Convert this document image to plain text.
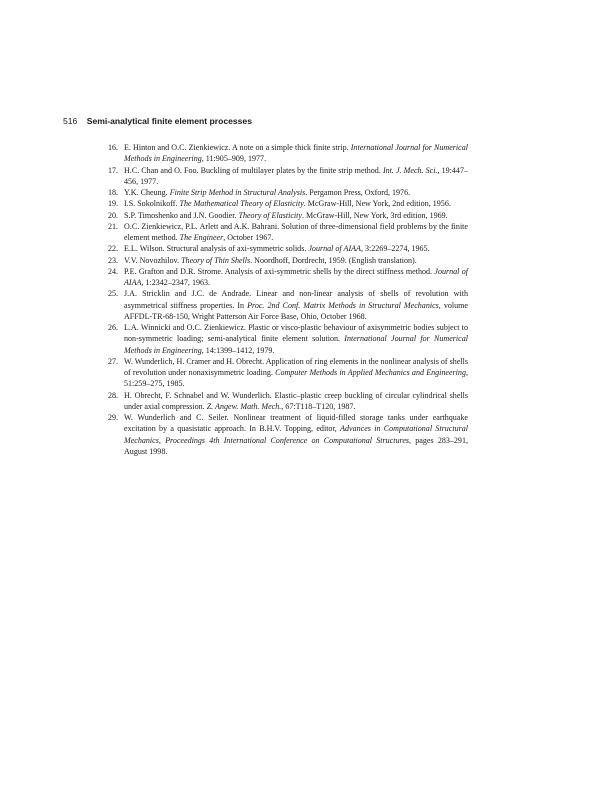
516 Semi-analytical finite element processes
16. E. Hinton and O.C. Zienkiewicz. A note on a simple thick finite strip. International Journal for Numerical Methods in Engineering, 11:905–909, 1977.
17. H.C. Chan and O. Foo. Buckling of multilayer plates by the finite strip method. Int. J. Mech. Sci., 19:447–456, 1977.
18. Y.K. Cheung. Finite Strip Method in Structural Analysis. Pergamon Press, Oxford, 1976.
19. I.S. Sokolnikoff. The Mathematical Theory of Elasticity. McGraw-Hill, New York, 2nd edition, 1956.
20. S.P. Timoshenko and J.N. Goodier. Theory of Elasticity. McGraw-Hill, New York, 3rd edition, 1969.
21. O.C. Zienkiewicz, P.L. Arlett and A.K. Bahrani. Solution of three-dimensional field problems by the finite element method. The Engineer, October 1967.
22. E.L. Wilson. Structural analysis of axi-symmetric solids. Journal of AIAA, 3:2269–2274, 1965.
23. V.V. Novozhilov. Theory of Thin Shells. Noordhoff, Dordrecht, 1959. (English translation).
24. P.E. Grafton and D.R. Strome. Analysis of axi-symmetric shells by the direct stiffness method. Journal of AIAA, 1:2342–2347, 1963.
25. J.A. Stricklin and J.C. de Andrade. Linear and non-linear analysis of shells of revolution with asymmetrical stiffness properties. In Proc. 2nd Conf. Matrix Methods in Structural Mechanics, volume AFFDL-TR-68-150, Wright Patterson Air Force Base, Ohio, October 1968.
26. L.A. Winnicki and O.C. Zienkiewicz. Plastic or visco-plastic behaviour of axisymmetric bodies subject to non-symmetric loading; semi-analytical finite element solution. International Journal for Numerical Methods in Engineering, 14:1399–1412, 1979.
27. W. Wunderlich, H. Cramer and H. Obrecht. Application of ring elements in the nonlinear analysis of shells of revolution under nonaxisymmetric loading. Computer Methods in Applied Mechanics and Engineering, 51:259–275, 1985.
28. H. Obrecht, F. Schnabel and W. Wunderlich. Elastic–plastic creep buckling of circular cylindrical shells under axial compression. Z. Angew. Math. Mech., 67:T118–T120, 1987.
29. W. Wunderlich and C. Seiler. Nonlinear treatment of liquid-filled storage tanks under earthquake excitation by a quasistatic approach. In B.H.V. Topping, editor, Advances in Computational Structural Mechanics, Proceedings 4th International Conference on Computational Structures, pages 283–291, August 1998.
